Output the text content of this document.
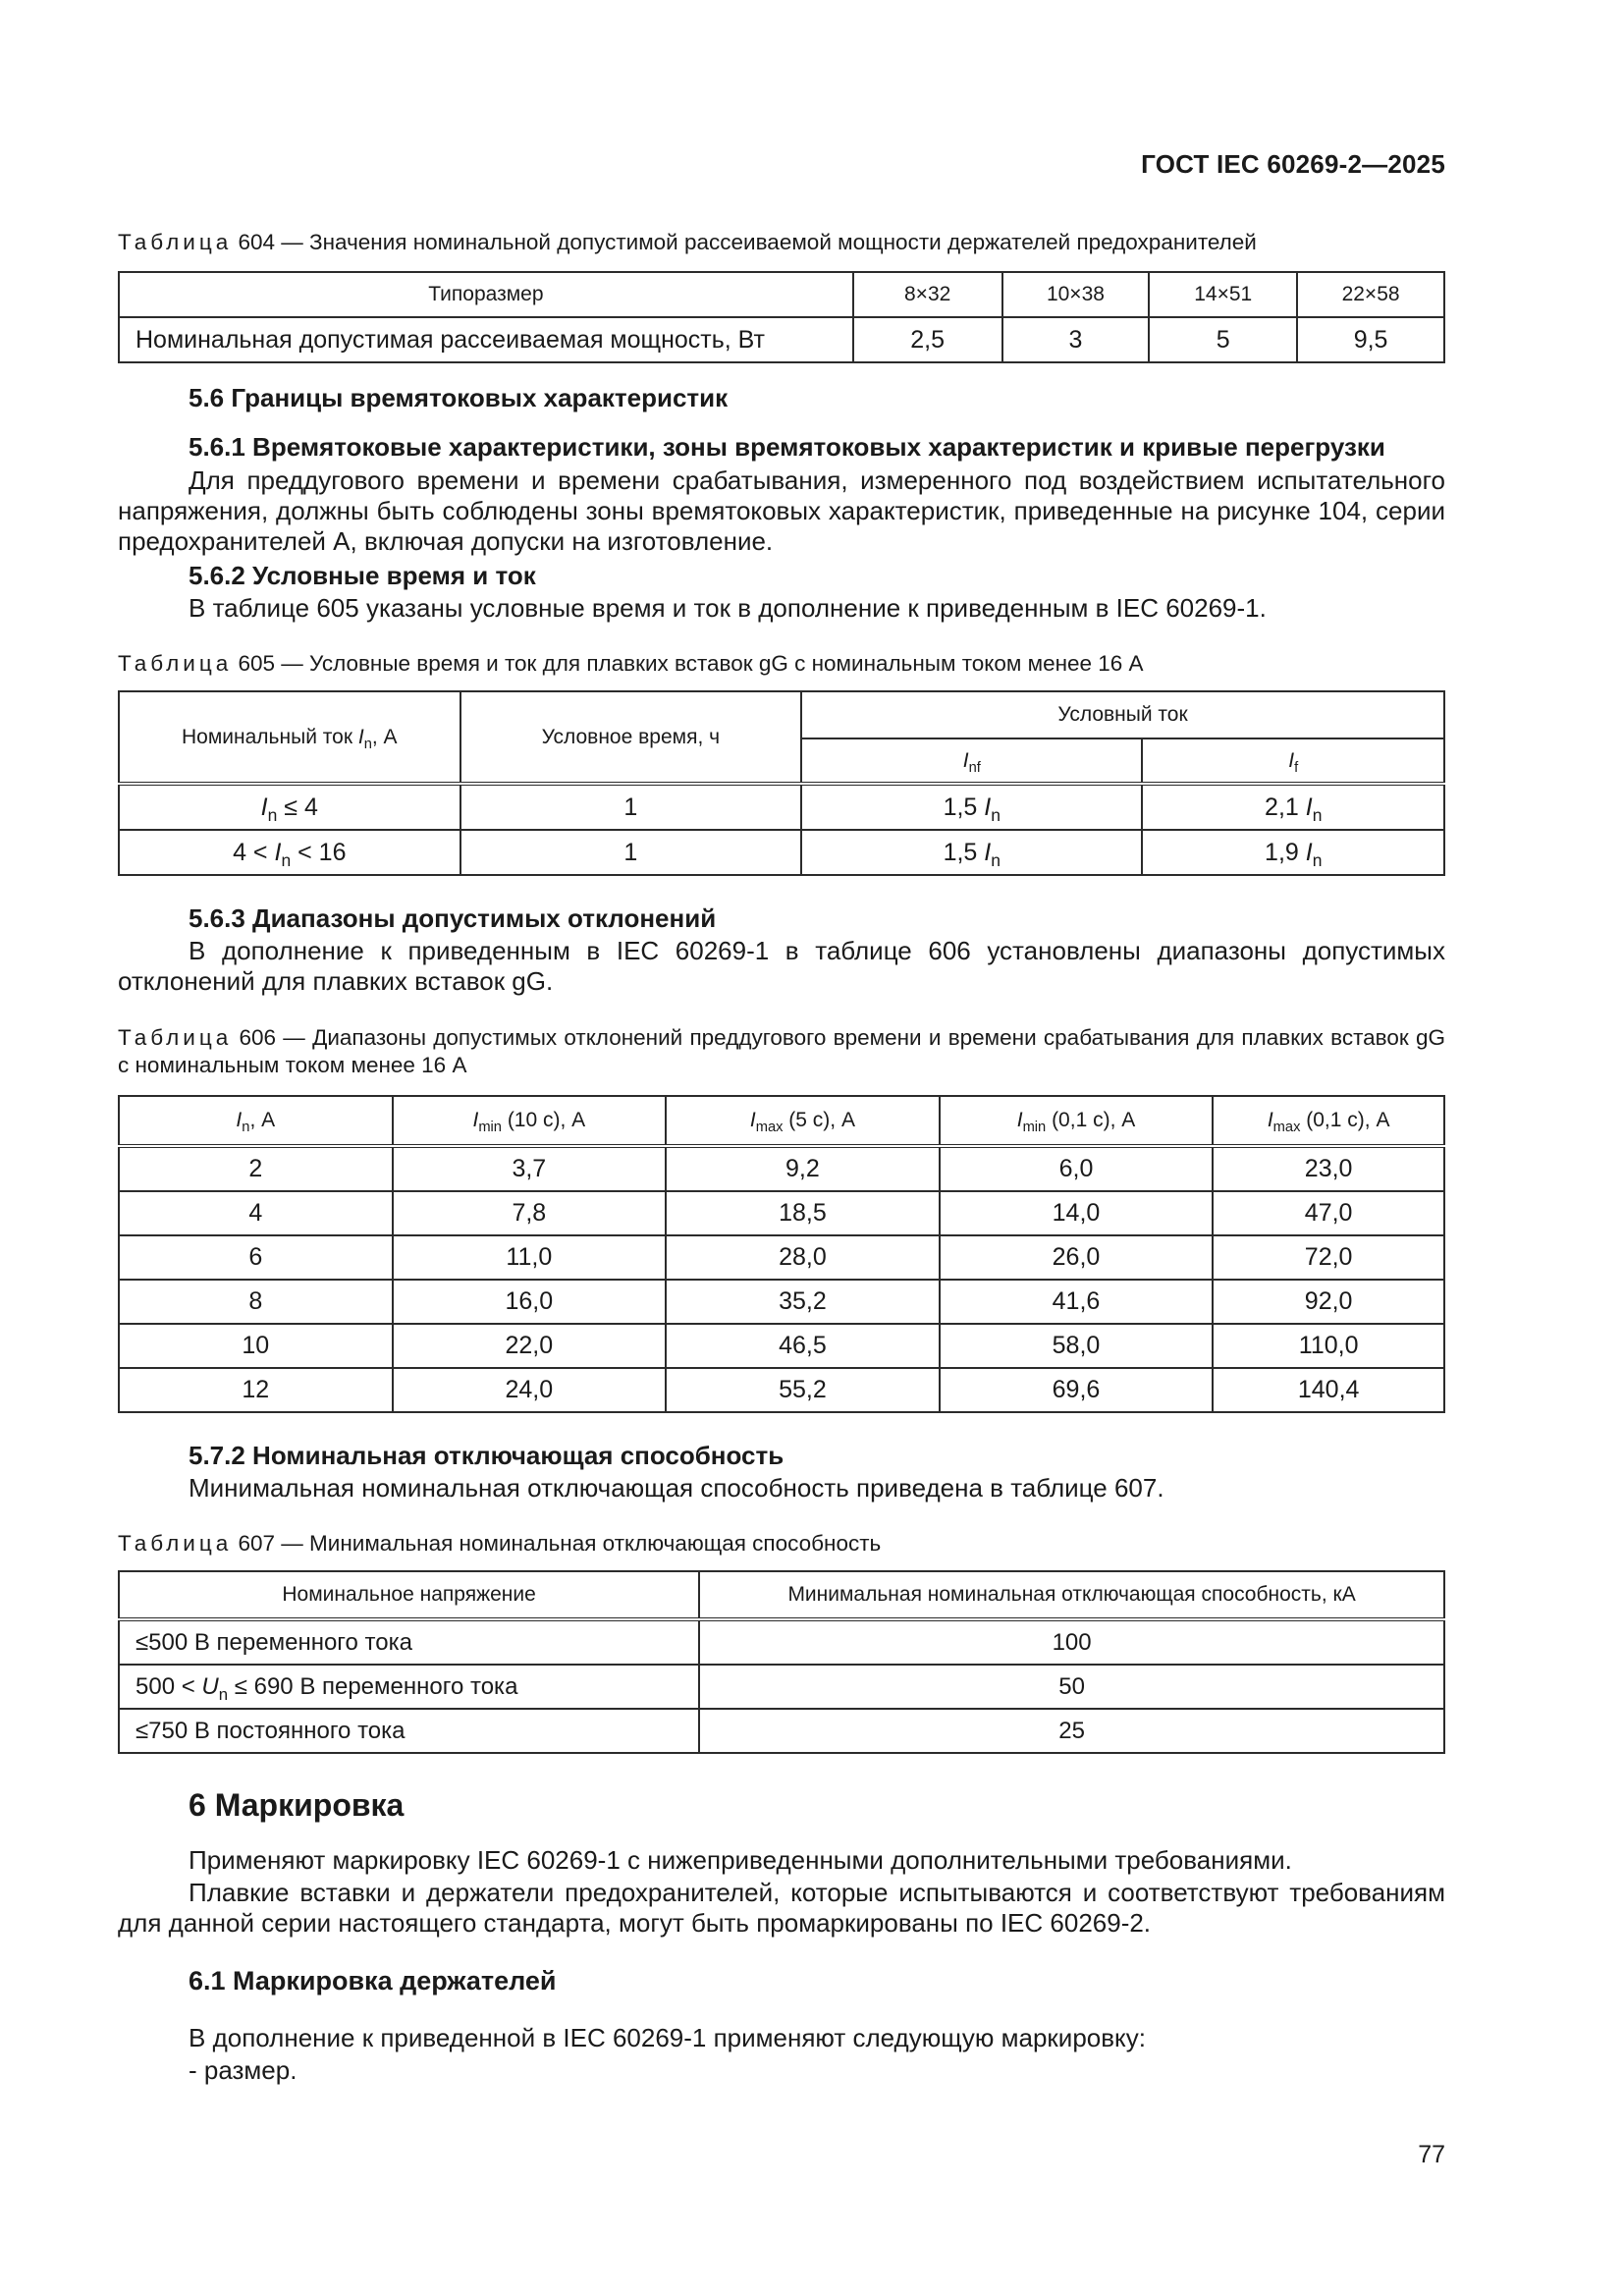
ГОСТ IEC 60269-2—2025

Таблица 604 — Значения номинальной допустимой рассеиваемой мощности держателей предохранителей

Типоразмер	8×32	10×38	14×51	22×58
Номинальная допустимая рассеиваемая мощность, Вт	2,5	3	5	9,5

5.6 Границы времятоковых характеристик

5.6.1 Времятоковые характеристики, зоны времятоковых характеристик и кривые перегрузки

Для преддугового времени и времени срабатывания, измеренного под воздействием испытательного напряжения, должны быть соблюдены зоны времятоковых характеристик, приведенные на рисунке 104, серии предохранителей А, включая допуски на изготовление.

5.6.2 Условные время и ток

В таблице 605 указаны условные время и ток в дополнение к приведенным в IEC 60269-1.

Таблица 605 — Условные время и ток для плавких вставок gG с номинальным током менее 16 А

Номинальный ток $I_n$, А	Условное время, ч	Условный ток	
		$I_{nf}$	$I_f$
$I_n \le 4$	1	1,5 $I_n$	2,1 $I_n$
$4 < I_n < 16$	1	1,5 $I_n$	1,9 $I_n$

5.6.3 Диапазоны допустимых отклонений

В дополнение к приведенным в IEC 60269-1 в таблице 606 установлены диапазоны допустимых отклонений для плавких вставок gG.

Таблица 606 — Диапазоны допустимых отклонений преддугового времени и времени срабатывания для плавких вставок gG с номинальным током менее 16 А

$I_n$, А	$I_{min}$ (10 с), А	$I_{max}$ (5 с), А	$I_{min}$ (0,1 с), А	$I_{max}$ (0,1 с), А
2	3,7	9,2	6,0	23,0
4	7,8	18,5	14,0	47,0
6	11,0	28,0	26,0	72,0
8	16,0	35,2	41,6	92,0
10	22,0	46,5	58,0	110,0
12	24,0	55,2	69,6	140,4

5.7.2 Номинальная отключающая способность

Минимальная номинальная отключающая способность приведена в таблице 607.

Таблица 607 — Минимальная номинальная отключающая способность

Номинальное напряжение	Минимальная номинальная отключающая способность, кА
≤500 В переменного тока	100
$500 < U_n \le 690$ В переменного тока	50
≤750 В постоянного тока	25

6 Маркировка

Применяют маркировку IEC 60269-1 с нижеприведенными дополнительными требованиями.

Плавкие вставки и держатели предохранителей, которые испытываются и соответствуют требованиям для данной серии настоящего стандарта, могут быть промаркированы по IEC 60269-2.

6.1 Маркировка держателей

В дополнение к приведенной в IEC 60269-1 применяют следующую маркировку:

- размер.

77
